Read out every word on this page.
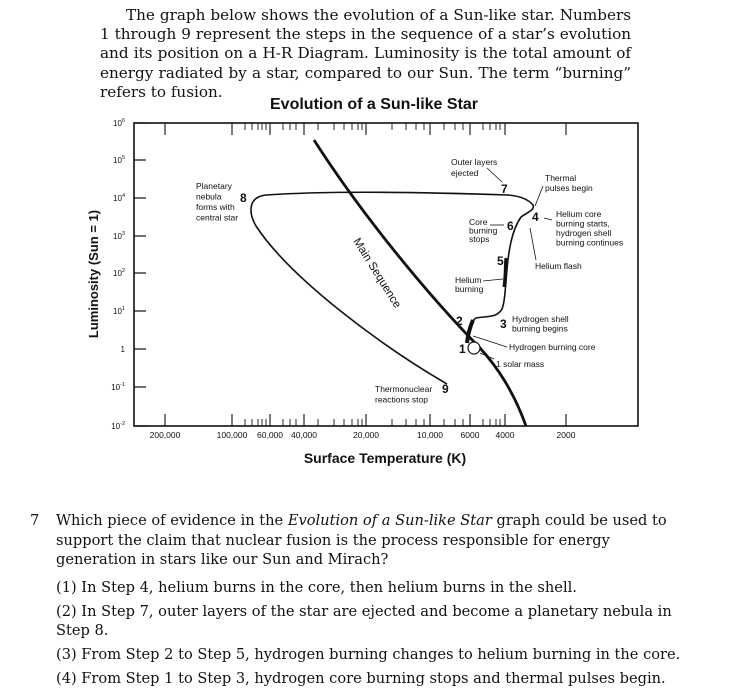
The graph below shows the evolution of a Sun-like star. Numbers 1 through 9 represent the steps in the sequence of a star’s evolution and its position on a H-R Diagram. Luminosity is the total amount of energy radiated by a star, compared to our Sun. The term “burning” refers to fusion.

Evolution of a Sun-like Star
$10^6$
$10^5$
$10^4$
$10^3$
$10^2$
$10^1$
1
$10^{-1}$
$10^{-2}$
200,000	100,000 60,000 40,000	20,000	10,000 6000 4000	2000
Surface Temperature (K)
Luminosity (Sun = 1)	Main Sequence
1
1 solar mass
2
Hydrogen burning core
3 Hydrogen shell
burning begins
4 Helium core
burning starts,
hydrogen shell
burning continues
Helium flash
5
Helium
burning
6
Core
burning
stops
7
Outer layers
ejected	Thermal
pulses begin
8
Planetary
nebula
forms with
central star
9
Thermonuclear
reactions stop
7 Which piece of evidence in the Evolution of a Sun-like Star graph could be used to support the claim that nuclear fusion is the process responsible for energy generation in stars like our Sun and Mirach?
(1) In Step 4, helium burns in the core, then helium burns in the shell.
(2) In Step 7, outer layers of the star are ejected and become a planetary nebula in Step 8.
(3) From Step 2 to Step 5, hydrogen burning changes to helium burning in the core.
(4) From Step 1 to Step 3, hydrogen core burning stops and thermal pulses begin.
